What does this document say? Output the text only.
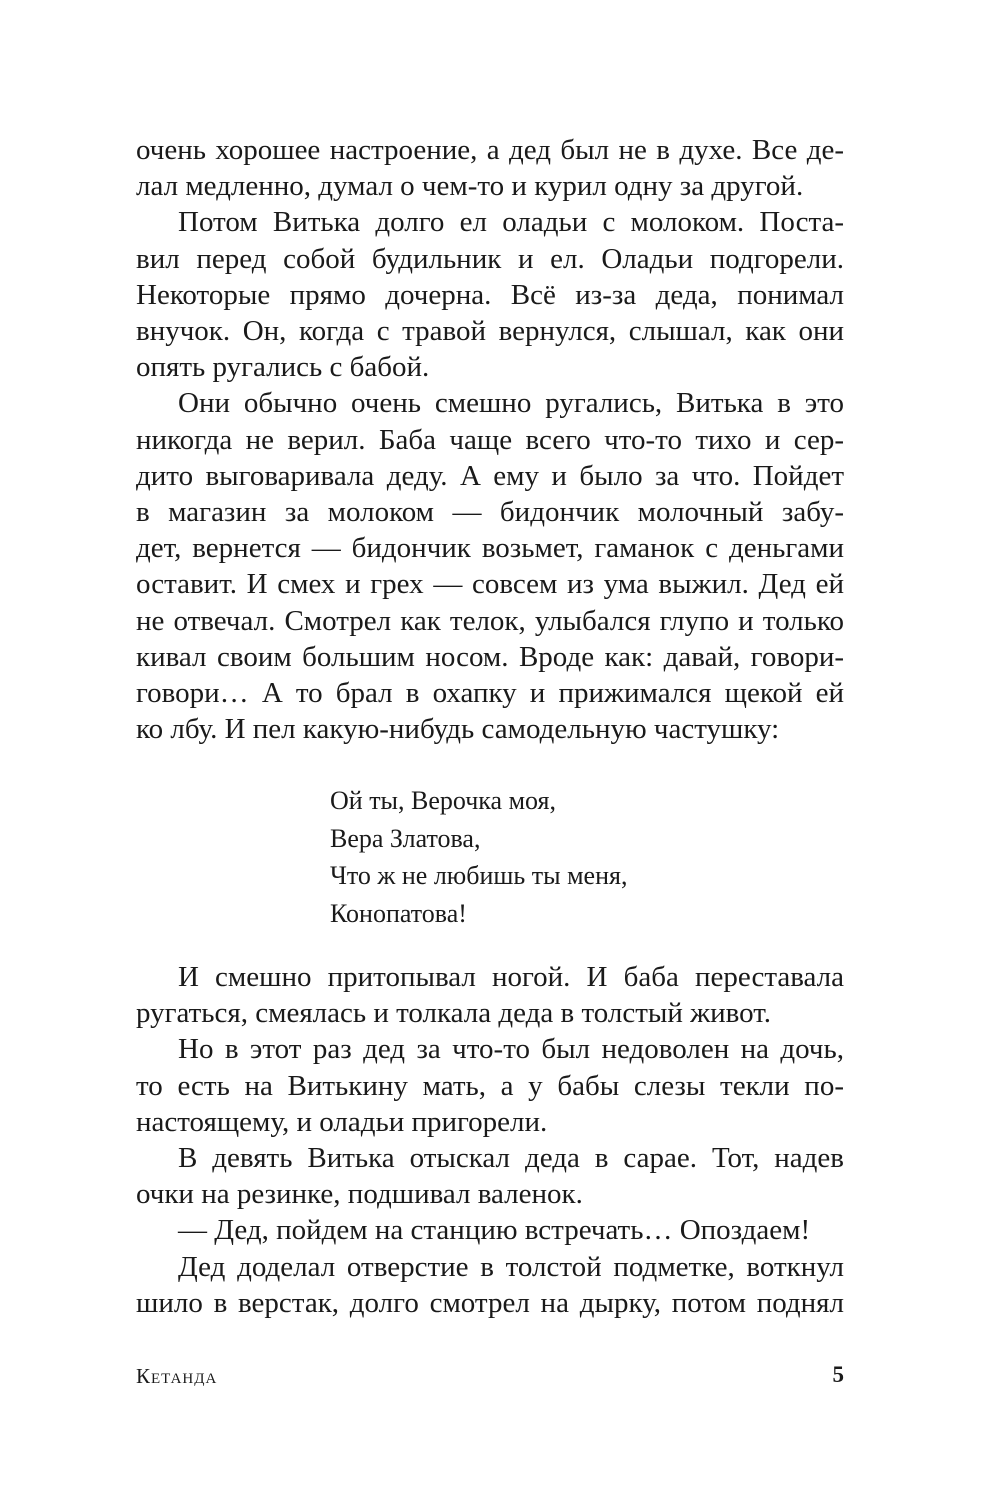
очень хорошее настроение, а дед был не в духе. Все де-
лал медленно, думал о чем-то и курил одну за другой.
Потом Витька долго ел оладьи с молоком. Поста-
вил перед собой будильник и ел. Оладьи подгорели.
Некоторые прямо дочерна. Всё из-за деда, понимал
внучок. Он, когда с травой вернулся, слышал, как они
опять ругались с бабой.
Они обычно очень смешно ругались, Витька в это
никогда не верил. Баба чаще всего что-то тихо и сер-
дито выговаривала деду. А ему и было за что. Пойдет
в магазин за молоком — бидончик молочный забу-
дет, вернется — бидончик возьмет, гаманок с деньгами
оставит. И смех и грех — совсем из ума выжил. Дед ей
не отвечал. Смотрел как телок, улыбался глупо и только
кивал своим большим носом. Вроде как: давай, говори-
говори… А то брал в охапку и прижимался щекой ей
ко лбу. И пел какую-нибудь самодельную частушку:
Ой ты, Верочка моя,
Вера Златова,
Что ж не любишь ты меня,
Конопатова!
И смешно притопывал ногой. И баба переставала
ругаться, смеялась и толкала деда в толстый живот.
Но в этот раз дед за что-то был недоволен на дочь,
то есть на Витькину мать, а у бабы слезы текли по-
настоящему, и оладьи пригорели.
В девять Витька отыскал деда в сарае. Тот, надев
очки на резинке, подшивал валенок.
— Дед, пойдем на станцию встречать… Опоздаем!
Дед доделал отверстие в толстой подметке, воткнул
шило в верстак, долго смотрел на дырку, потом поднял
Кетанда	5
